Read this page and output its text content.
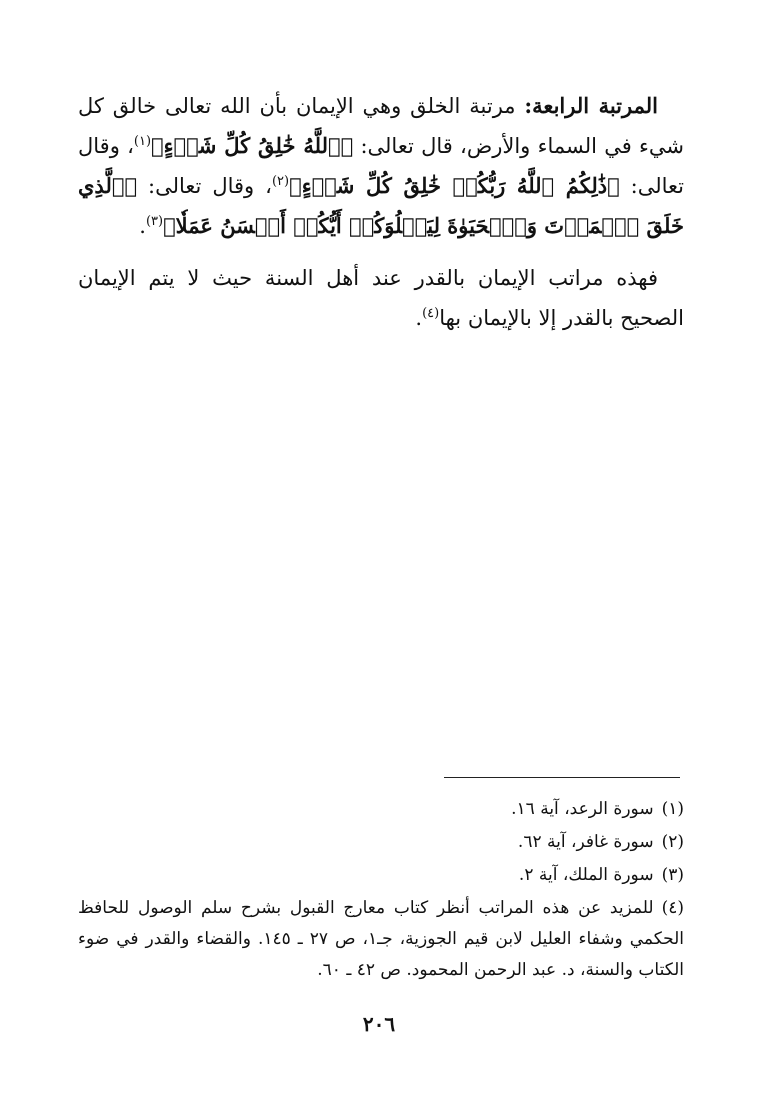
المرتبة الرابعة: مرتبة الخلق وهي الإيمان بأن الله تعالى خالق كل شيء في السماء والأرض، قال تعالى: ﴿ٱللَّهُ خَٰلِقُ كُلِّ شَيۡءٍ﴾$^{(١)}$، وقال تعالى: ﴿ذَٰلِكُمُ ٱللَّهُ رَبُّكُمۡ خَٰلِقُ كُلِّ شَيۡءٍ﴾$^{(٢)}$، وقال تعالى: ﴿ٱلَّذِي خَلَقَ ٱلۡمَوۡتَ وَٱلۡحَيَوٰةَ لِيَبۡلُوَكُمۡ أَيُّكُمۡ أَحۡسَنُ عَمَلٗا﴾$^{(٣)}$.

فهذه مراتب الإيمان بالقدر عند أهل السنة حيث لا يتم الإيمان الصحيح بالقدر إلا بالإيمان بها$^{(٤)}$.

(١)سورة الرعد، آية ١٦.
(٢)سورة غافر، آية ٦٢.
(٣)سورة الملك، آية ٢.
(٤)للمزيد عن هذه المراتب أنظر كتاب معارج القبول بشرح سلم الوصول للحافظ الحكمي وشفاء العليل لابن قيم الجوزية، جـ١، ص ٢٧ ـ ١٤٥. والقضاء والقدر في ضوء الكتاب والسنة، د. عبد الرحمن المحمود. ص ٤٢ ـ ٦٠.
٢٠٦
